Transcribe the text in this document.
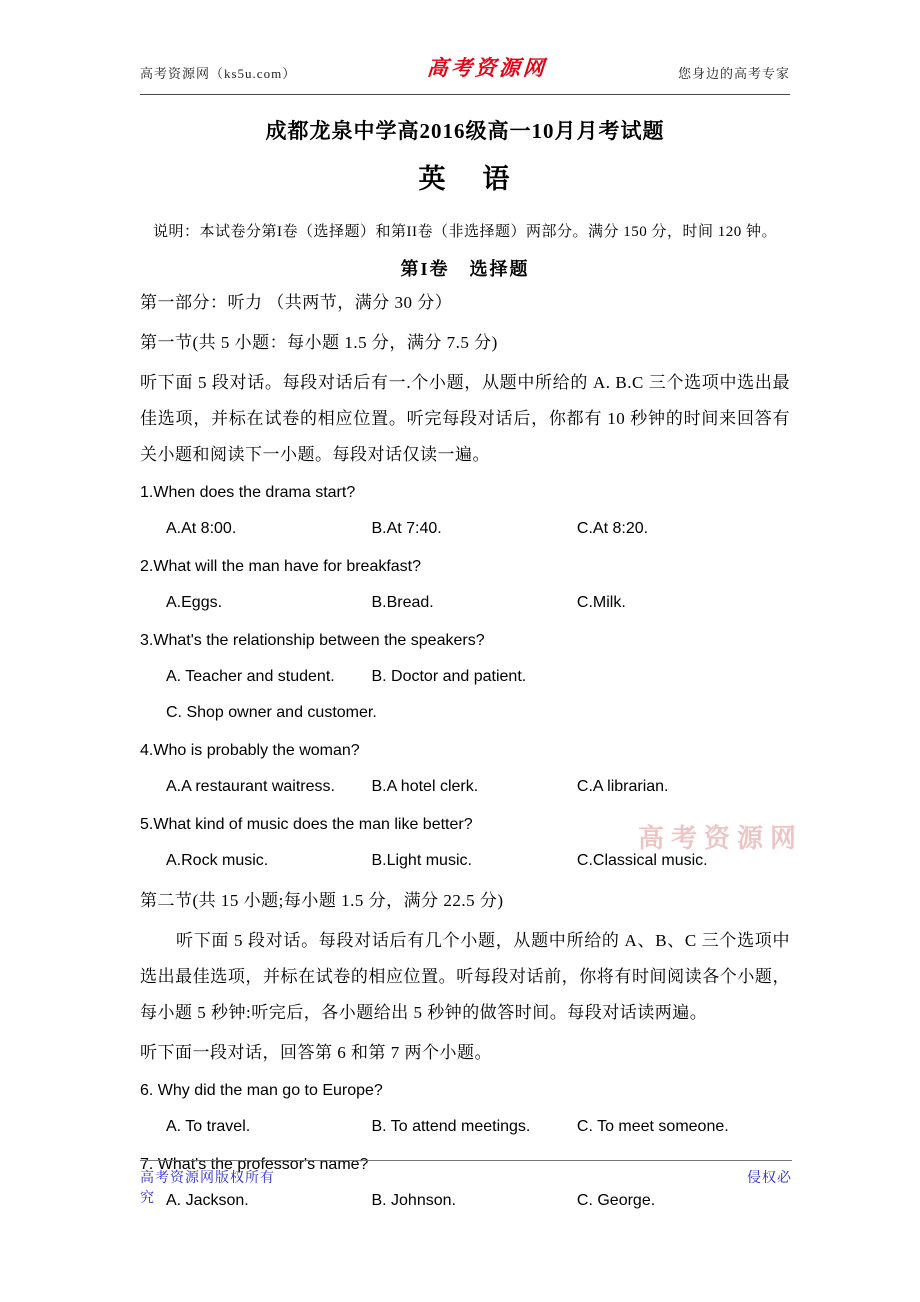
高考资源网（ks5u.com）	高考资源网	您身边的高考专家
成都龙泉中学高2016级高一10月月考试题
英    语
说明：本试卷分第I卷（选择题）和第II卷（非选择题）两部分。满分 150 分，时间 120 钟。
第I卷　选择题

第一部分：听力 （共两节，满分 30 分）

第一节(共 5 小题：每小题 1.5 分，满分 7.5 分)

听下面 5 段对话。每段对话后有一.个小题，从题中所给的 A. B.C 三个选项中选出最佳选项，并标在试卷的相应位置。听完每段对话后，你都有 10 秒钟的时间来回答有关小题和阅读下一小题。每段对话仅读一遍。

1.When does the drama start?

A.At 8:00.	B.At 7:40.	C.At 8:20.

2.What will the man have for breakfast?

A.Eggs.	B.Bread.	C.Milk.

3.What's the relationship between the speakers?

A. Teacher and student. B. Doctor and patient. C. Shop owner and customer.

4.Who is probably the woman?

A.A restaurant waitress. B.A hotel clerk.	C.A librarian.

5.What kind of music does the man like better?

A.Rock music.	B.Light music.	C.Classical music.

第二节(共 15 小题;每小题 1.5 分，满分 22.5 分)

听下面 5 段对话。每段对话后有几个小题，从题中所给的 A、B、C 三个选项中选出最佳选项，并标在试卷的相应位置。听每段对话前，你将有时间阅读各个小题，每小题 5 秒钟:听完后，各小题给出 5 秒钟的做答时间。每段对话读两遍。

听下面一段对话，回答第 6 和第 7 两个小题。

6. Why did the man go to Europe?

A. To travel.	B. To attend meetings.	C. To meet someone.

7. What's the professor's name?

A. Jackson.	B. Johnson.	C. George.

高考资源网
高考资源网版权所有	侵权必
究
